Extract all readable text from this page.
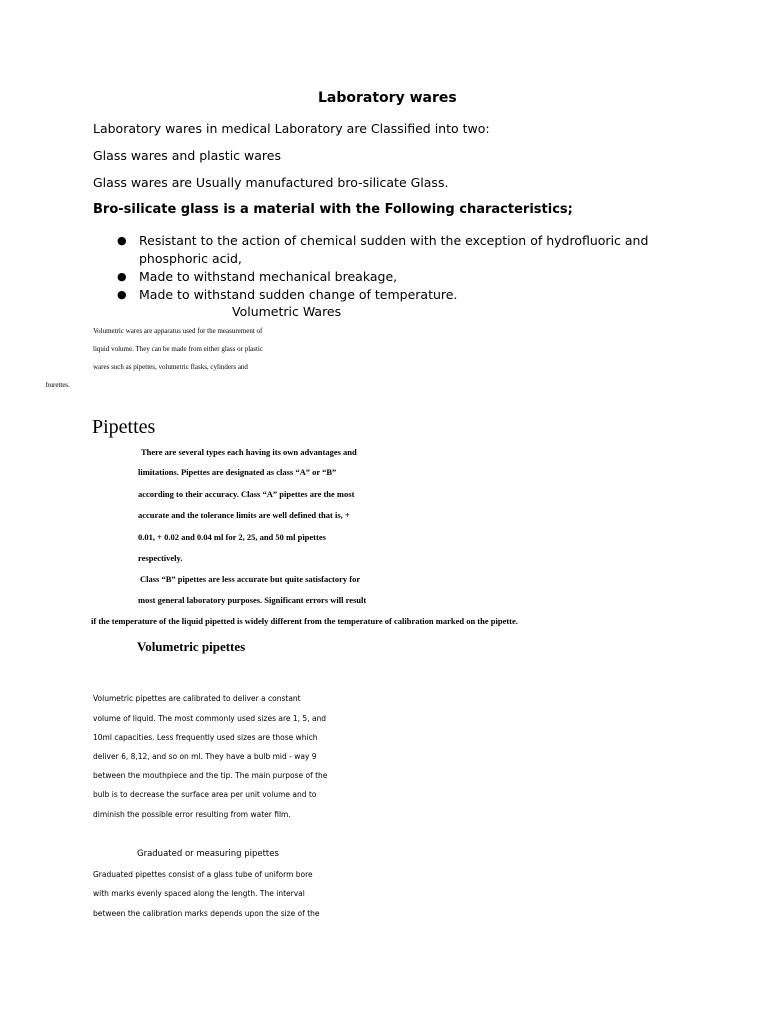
Laboratory wares
Laboratory wares in medical Laboratory are Classified into two:
Glass wares and plastic wares
Glass wares are Usually manufactured bro-silicate Glass.
Bro-silicate glass is a material with the Following characteristics;
● Resistant to the action of chemical sudden with the exception of hydrofluoric and
phosphoric acid,
● Made to withstand mechanical breakage,
● Made to withstand sudden change of temperature.
Volumetric Wares
Volumetric wares are apparatus used for the measurement of
liquid volume. They can be made from either glass or plastic
wares such as pipettes, volumetric flasks, cylinders and
burettes.
Pipettes
There are several types each having its own advantages and
limitations. Pipettes are designated as class “A” or “B”
according to their accuracy. Class “A” pipettes are the most
accurate and the tolerance limits are well defined that is, +
0.01, + 0.02 and 0.04 ml for 2, 25, and 50 ml pipettes
respectively.
Class “B” pipettes are less accurate but quite satisfactory for
most general laboratory purposes. Significant errors will result
if the temperature of the liquid pipetted is widely different from the temperature of calibration marked on the pipette.
Volumetric pipettes
Volumetric pipettes are calibrated to deliver a constant
volume of liquid. The most commonly used sizes are 1, 5, and
10ml capacities. Less frequently used sizes are those which
deliver 6, 8,12, and so on ml. They have a bulb mid - way 9
between the mouthpiece and the tip. The main purpose of the
bulb is to decrease the surface area per unit volume and to
diminish the possible error resulting from water film.
Graduated or measuring pipettes
Graduated pipettes consist of a glass tube of uniform bore
with marks evenly spaced along the length. The interval
between the calibration marks depends upon the size of the
